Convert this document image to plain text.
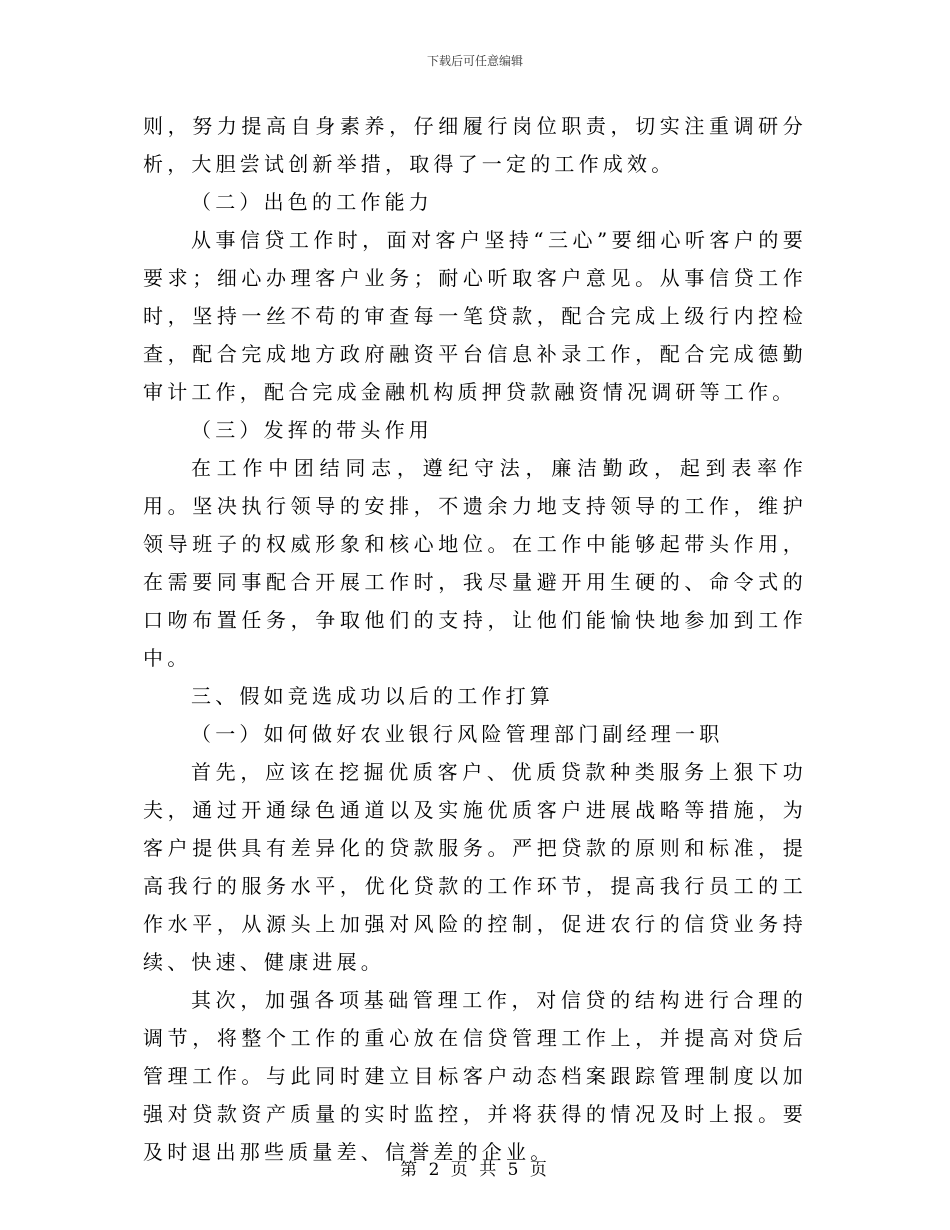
下载后可任意编辑

则，努力提高自身素养，仔细履行岗位职责，切实注重调研分析，大胆尝试创新举措，取得了一定的工作成效。

（二）出色的工作能力

从事信贷工作时，面对客户坚持“三心”要细心听客户的要要求；细心办理客户业务；耐心听取客户意见。从事信贷工作时，坚持一丝不苟的审查每一笔贷款，配合完成上级行内控检查，配合完成地方政府融资平台信息补录工作，配合完成德勤审计工作，配合完成金融机构质押贷款融资情况调研等工作。

（三）发挥的带头作用

在工作中团结同志，遵纪守法，廉洁勤政，起到表率作用。坚决执行领导的安排，不遗余力地支持领导的工作，维护领导班子的权威形象和核心地位。在工作中能够起带头作用，在需要同事配合开展工作时，我尽量避开用生硬的、命令式的口吻布置任务，争取他们的支持，让他们能愉快地参加到工作中。

三、假如竞选成功以后的工作打算

（一）如何做好农业银行风险管理部门副经理一职

首先，应该在挖掘优质客户、优质贷款种类服务上狠下功夫，通过开通绿色通道以及实施优质客户进展战略等措施，为客户提供具有差异化的贷款服务。严把贷款的原则和标准，提高我行的服务水平，优化贷款的工作环节，提高我行员工的工作水平，从源头上加强对风险的控制，促进农行的信贷业务持续、快速、健康进展。

其次，加强各项基础管理工作，对信贷的结构进行合理的调节，将整个工作的重心放在信贷管理工作上，并提高对贷后管理工作。与此同时建立目标客户动态档案跟踪管理制度以加强对贷款资产质量的实时监控，并将获得的情况及时上报。要及时退出那些质量差、信誉差的企业。

第 2 页 共 5 页
